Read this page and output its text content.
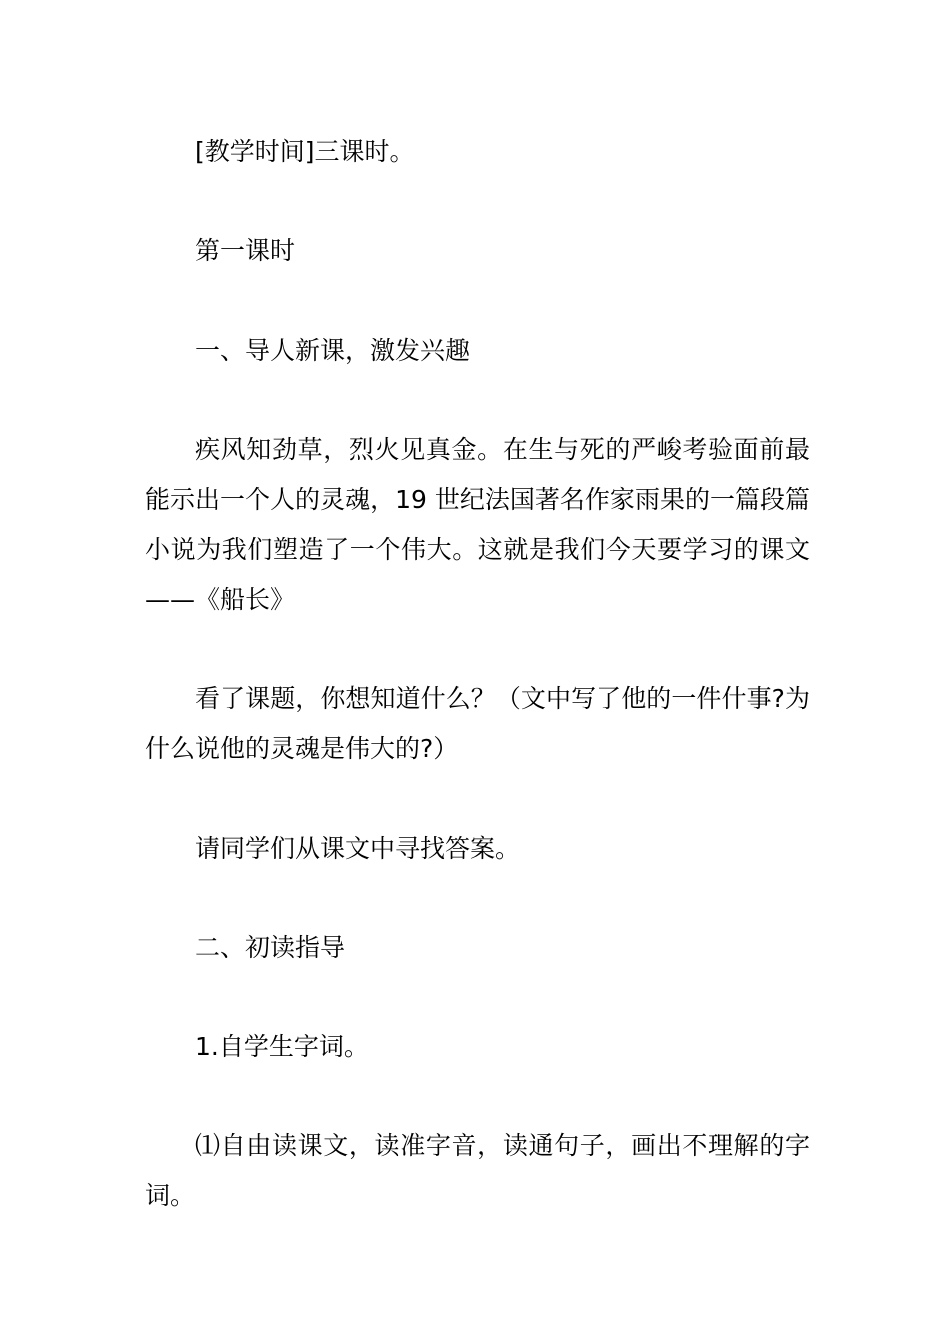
[教学时间]三课时。

第一课时

一、导人新课，激发兴趣

疾风知劲草，烈火见真金。在生与死的严峻考验面前最能示出一个人的灵魂，19 世纪法国著名作家雨果的一篇段篇小说为我们塑造了一个伟大。这就是我们今天要学习的课文——《船长》

看了课题，你想知道什么？（文中写了他的一件什事?为什么说他的灵魂是伟大的?）

请同学们从课文中寻找答案。

二、初读指导

1.自学生字词。

⑴自由读课文，读准字音，读通句子，画出不理解的字词。
